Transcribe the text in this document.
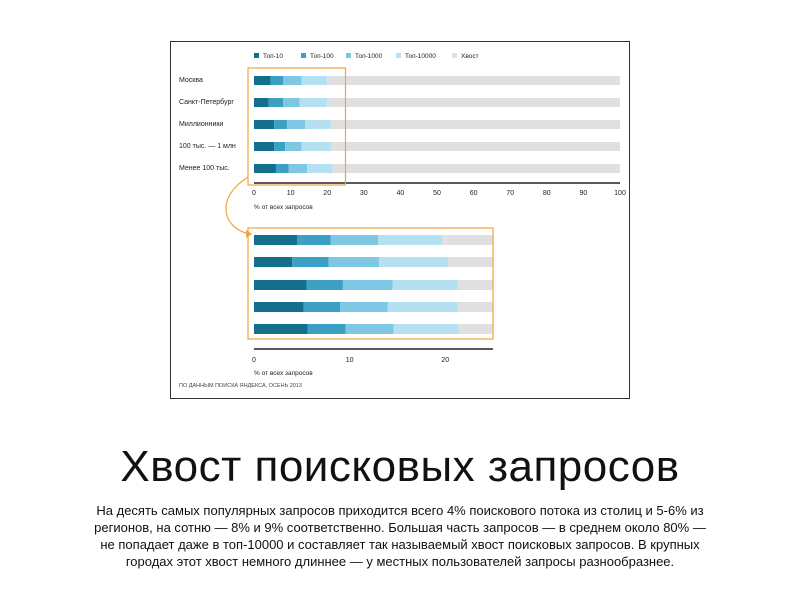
Топ-10	Топ-100	Топ-1000	Топ-10000	Хвост
Москва
Санкт-Петербург
Миллионники
100 тыс. — 1 млн
Менее 100 тыс.
0	10	20	30	40	50	60	70	80	90	100
% от всех запросов
0	10	20
% от всех запросов
ПО ДАННЫМ ПОИСКА ЯНДЕКСА, ОСЕНЬ 2013
Хвост поисковых запросов

На десять самых популярных запросов приходится всего 4% поискового потока из столиц и 5-6% из регионов, на сотню — 8% и 9% соответственно. Большая часть запросов — в среднем около 80% — не попадает даже в топ-10000 и составляет так называемый хвост поисковых запросов. В крупных городах этот хвост немного длиннее — у местных пользователей запросы разнообразнее.
